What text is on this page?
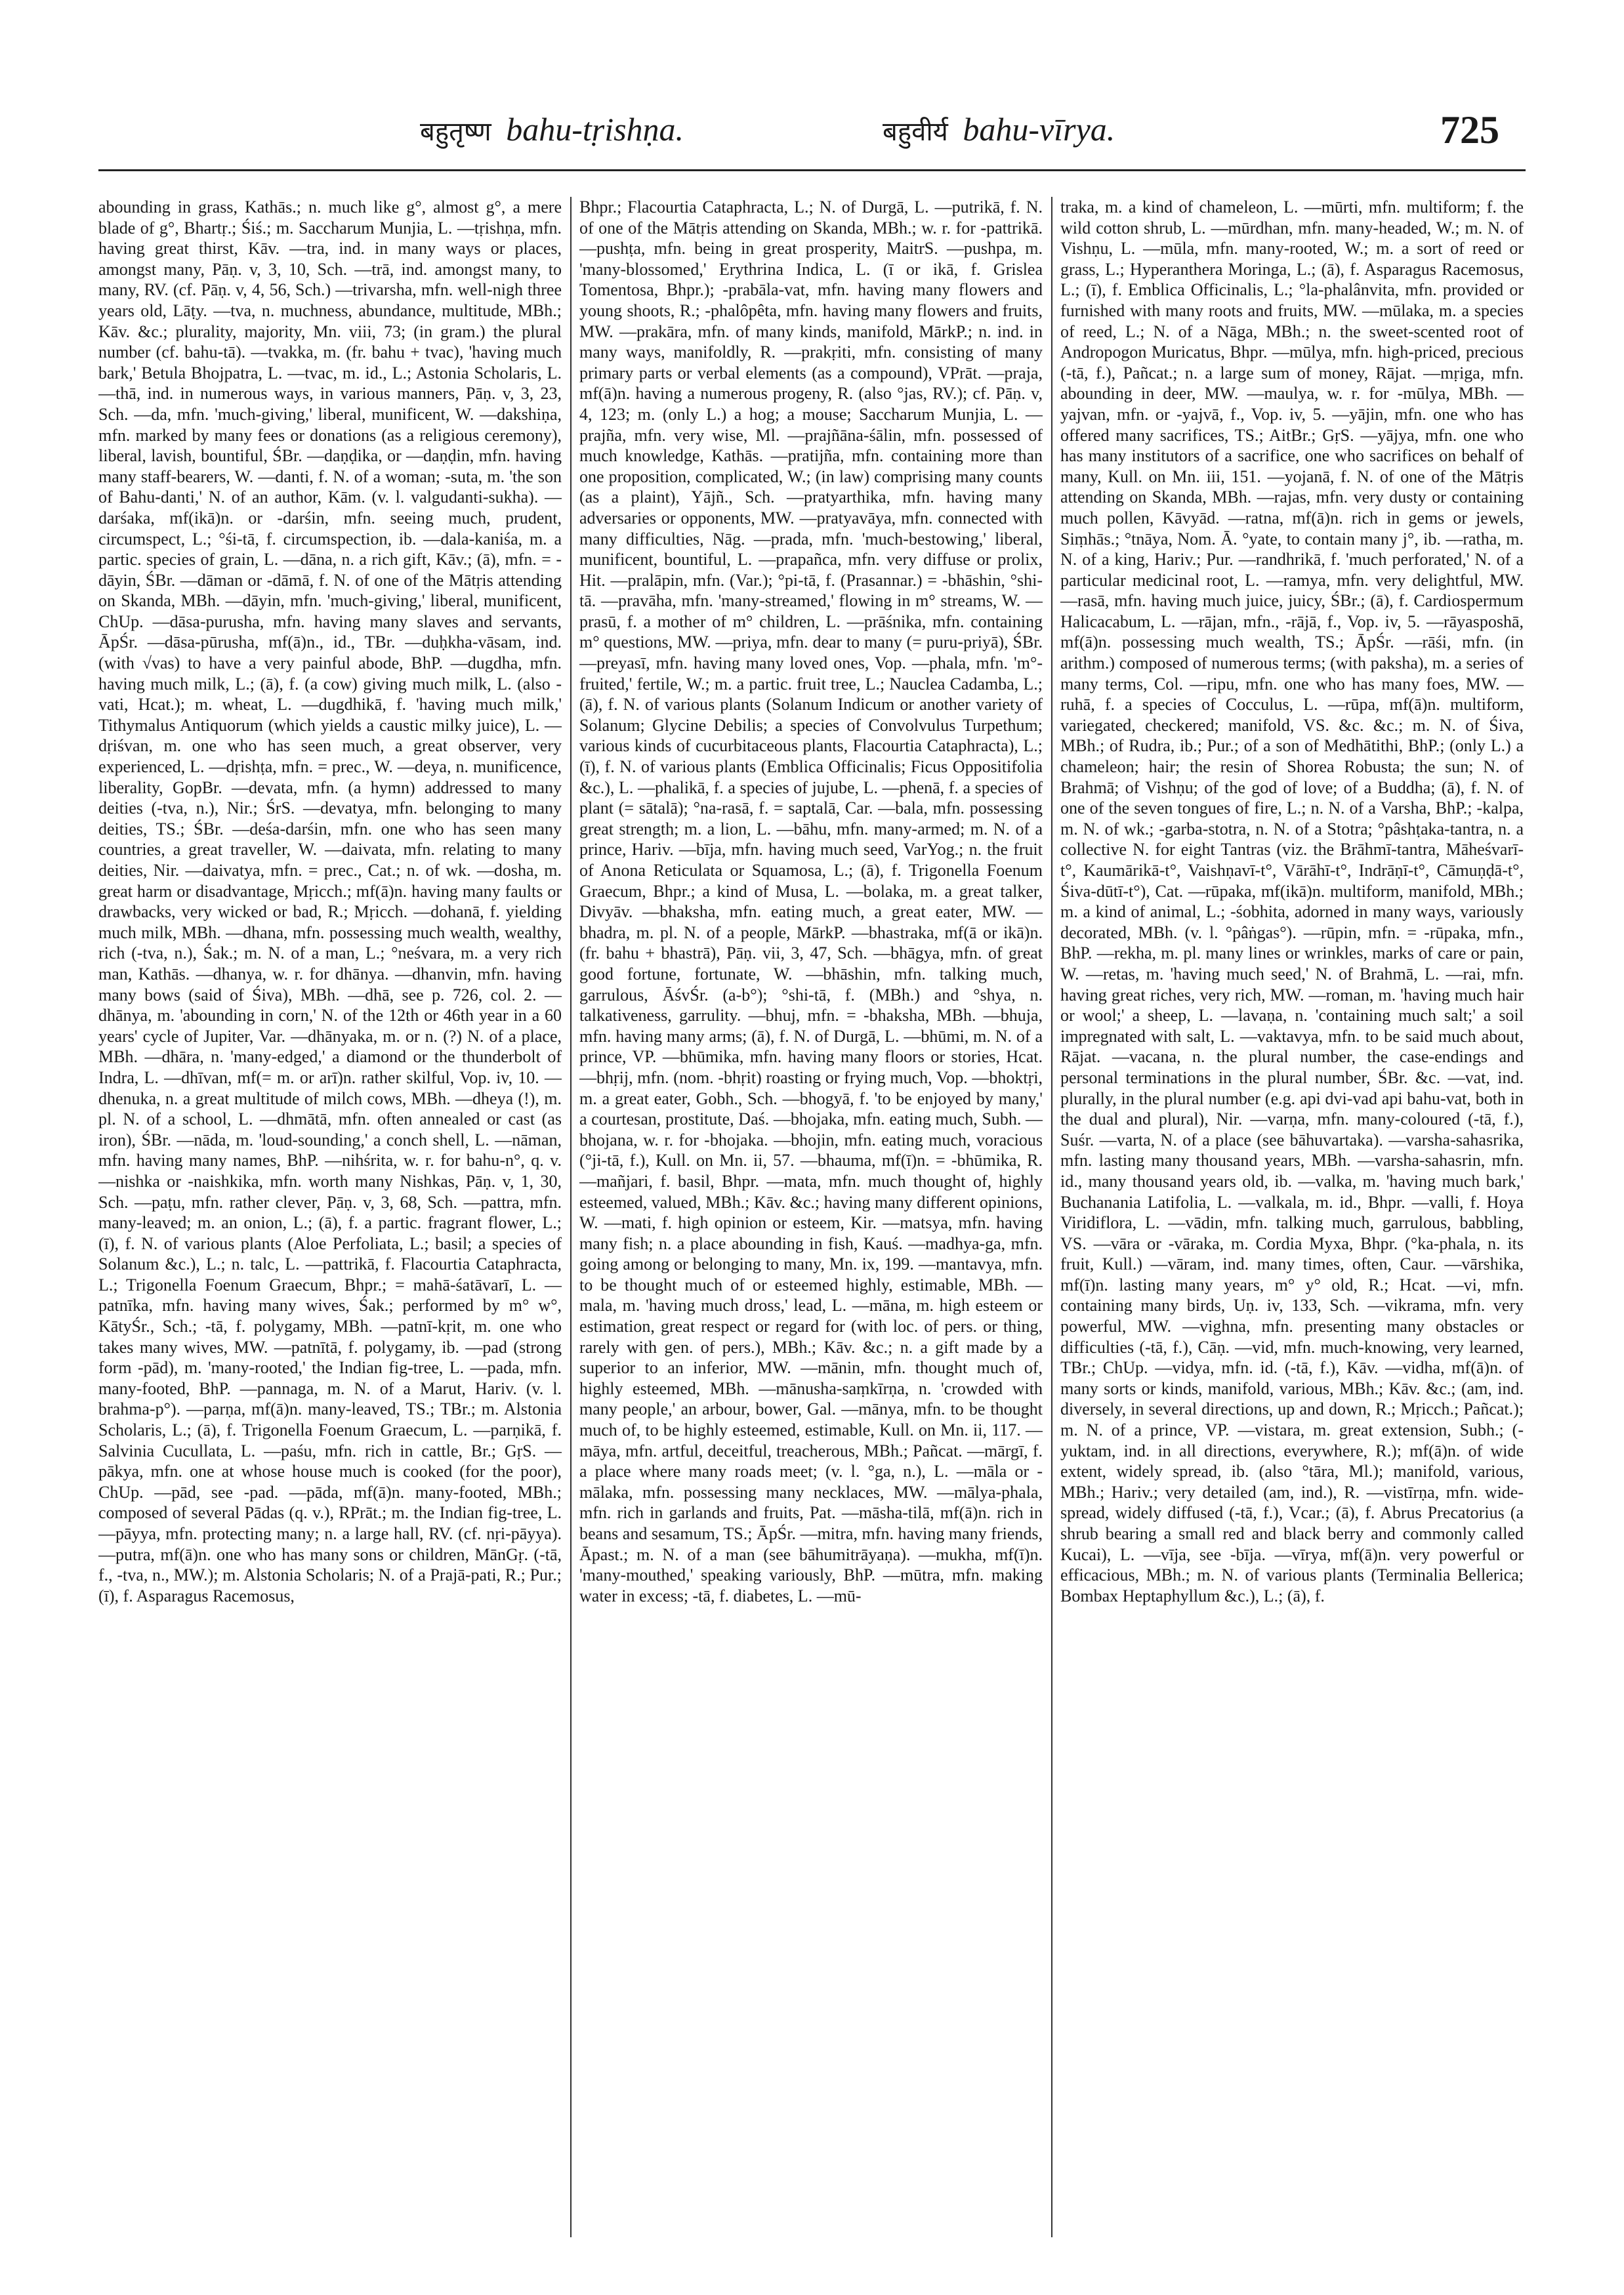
बहुतृष्ण bahu-tṛishṇa.	बहुवीर्य bahu-vīrya.	725
abounding in grass, Kathās.; n. much like g°, almost g°, a mere blade of g°, Bhartṛ.; Śiś.; m. Saccharum Munjia, L. —tṛishṇa, mfn. having great thirst, Kāv. —tra, ind. in many ways or places, amongst many, Pāṇ. v, 3, 10, Sch. —trā, ind. amongst many, to many, RV. (cf. Pāṇ. v, 4, 56, Sch.) —trivarsha, mfn. well-nigh three years old, Lāṭy. —tva, n. muchness, abundance, multitude, MBh.; Kāv. &c.; plurality, majority, Mn. viii, 73; (in gram.) the plural number (cf. bahu-tā). —tvakka, m. (fr. bahu + tvac), 'having much bark,' Betula Bhojpatra, L. —tvac, m. id., L.; Astonia Scholaris, L. —thā, ind. in numerous ways, in various manners, Pāṇ. v, 3, 23, Sch. —da, mfn. 'much-giving,' liberal, munificent, W. —dakshiṇa, mfn. marked by many fees or donations (as a religious ceremony), liberal, lavish, bountiful, ŚBr. —daṇḍika, or —daṇḍin, mfn. having many staff-bearers, W. —danti, f. N. of a woman; -suta, m. 'the son of Bahu-danti,' N. of an author, Kām. (v. l. valgudanti-sukha). —darśaka, mf(ikā)n. or -darśin, mfn. seeing much, prudent, circumspect, L.; °śi-tā, f. circumspection, ib. —dala-kaniśa, m. a partic. species of grain, L. —dāna, n. a rich gift, Kāv.; (ā), mfn. = -dāyin, ŚBr. —dāman or -dāmā, f. N. of one of the Mātṛis attending on Skanda, MBh. —dāyin, mfn. 'much-giving,' liberal, munificent, ChUp. —dāsa-purusha, mfn. having many slaves and servants, ĀpŚr. —dāsa-pūrusha, mf(ā)n., id., TBr. —duḥkha-vāsam, ind. (with √vas) to have a very painful abode, BhP. —dugdha, mfn. having much milk, L.; (ā), f. (a cow) giving much milk, L. (also -vati, Hcat.); m. wheat, L. —dugdhikā, f. 'having much milk,' Tithymalus Antiquorum (which yields a caustic milky juice), L. —dṛiśvan, m. one who has seen much, a great observer, very experienced, L. —dṛishṭa, mfn. = prec., W. —deya, n. munificence, liberality, GopBr. —devata, mfn. (a hymn) addressed to many deities (-tva, n.), Nir.; ŚrS. —devatya, mfn. belonging to many deities, TS.; ŚBr. —deśa-darśin, mfn. one who has seen many countries, a great traveller, W. —daivata, mfn. relating to many deities, Nir. —daivatya, mfn. = prec., Cat.; n. of wk. —dosha, m. great harm or disadvantage, Mṛicch.; mf(ā)n. having many faults or drawbacks, very wicked or bad, R.; Mṛicch. —dohanā, f. yielding much milk, MBh. —dhana, mfn. possessing much wealth, wealthy, rich (-tva, n.), Śak.; m. N. of a man, L.; °neśvara, m. a very rich man, Kathās. —dhanya, w. r. for dhānya. —dhanvin, mfn. having many bows (said of Śiva), MBh. —dhā, see p. 726, col. 2. —dhānya, m. 'abounding in corn,' N. of the 12th or 46th year in a 60 years' cycle of Jupiter, Var. —dhānyaka, m. or n. (?) N. of a place, MBh. —dhāra, n. 'many-edged,' a diamond or the thunderbolt of Indra, L. —dhīvan, mf(= m. or arī)n. rather skilful, Vop. iv, 10. —dhenuka, n. a great multitude of milch cows, MBh. —dheya (!), m. pl. N. of a school, L. —dhmātā, mfn. often annealed or cast (as iron), ŚBr. —nāda, m. 'loud-sounding,' a conch shell, L. —nāman, mfn. having many names, BhP. —nihśrita, w. r. for bahu-n°, q. v. —nishka or -naishkika, mfn. worth many Nishkas, Pāṇ. v, 1, 30, Sch. —paṭu, mfn. rather clever, Pāṇ. v, 3, 68, Sch. —pattra, mfn. many-leaved; m. an onion, L.; (ā), f. a partic. fragrant flower, L.; (ī), f. N. of various plants (Aloe Perfoliata, L.; basil; a species of Solanum &c.), L.; n. talc, L. —pattrikā, f. Flacourtia Cataphracta, L.; Trigonella Foenum Graecum, Bhpr.; = mahā-śatāvarī, L. —patnīka, mfn. having many wives, Śak.; performed by m° w°, KātyŚr., Sch.; -tā, f. polygamy, MBh. —patnī-kṛit, m. one who takes many wives, MW. —patnītā, f. polygamy, ib. —pad (strong form -pād), m. 'many-rooted,' the Indian fig-tree, L. —pada, mfn. many-footed, BhP. —pannaga, m. N. of a Marut, Hariv. (v. l. brahma-p°). —parṇa, mf(ā)n. many-leaved, TS.; TBr.; m. Alstonia Scholaris, L.; (ā), f. Trigonella Foenum Graecum, L. —parṇikā, f. Salvinia Cucullata, L. —paśu, mfn. rich in cattle, Br.; GṛS. —pākya, mfn. one at whose house much is cooked (for the poor), ChUp. —pād, see -pad. —pāda, mf(ā)n. many-footed, MBh.; composed of several Pādas (q. v.), RPrāt.; m. the Indian fig-tree, L. —pāyya, mfn. protecting many; n. a large hall, RV. (cf. nṛi-pāyya). —putra, mf(ā)n. one who has many sons or children, MānGṛ. (-tā, f., -tva, n., MW.); m. Alstonia Scholaris; N. of a Prajā-pati, R.; Pur.; (ī), f. Asparagus Racemosus,
Bhpr.; Flacourtia Cataphracta, L.; N. of Durgā, L. —putrikā, f. N. of one of the Mātṛis attending on Skanda, MBh.; w. r. for -pattrikā. —pushṭa, mfn. being in great prosperity, MaitrS. —pushpa, m. 'many-blossomed,' Erythrina Indica, L. (ī or ikā, f. Grislea Tomentosa, Bhpr.); -prabāla-vat, mfn. having many flowers and young shoots, R.; -phalôpêta, mfn. having many flowers and fruits, MW. —prakāra, mfn. of many kinds, manifold, MārkP.; n. ind. in many ways, manifoldly, R. —prakṛiti, mfn. consisting of many primary parts or verbal elements (as a compound), VPrāt. —praja, mf(ā)n. having a numerous progeny, R. (also °jas, RV.); cf. Pāṇ. v, 4, 123; m. (only L.) a hog; a mouse; Saccharum Munjia, L. —prajña, mfn. very wise, Ml. —prajñāna-śālin, mfn. possessed of much knowledge, Kathās. —pratijña, mfn. containing more than one proposition, complicated, W.; (in law) comprising many counts (as a plaint), Yājñ., Sch. —pratyarthika, mfn. having many adversaries or opponents, MW. —pratyavāya, mfn. connected with many difficulties, Nāg. —prada, mfn. 'much-bestowing,' liberal, munificent, bountiful, L. —prapañca, mfn. very diffuse or prolix, Hit. —pralāpin, mfn. (Var.); °pi-tā, f. (Prasannar.) = -bhāshin, °shi-tā. —pravāha, mfn. 'many-streamed,' flowing in m° streams, W. —prasū, f. a mother of m° children, L. —prāśnika, mfn. containing m° questions, MW. —priya, mfn. dear to many (= puru-priyā), ŚBr. —preyasī, mfn. having many loved ones, Vop. —phala, mfn. 'm°-fruited,' fertile, W.; m. a partic. fruit tree, L.; Nauclea Cadamba, L.; (ā), f. N. of various plants (Solanum Indicum or another variety of Solanum; Glycine Debilis; a species of Convolvulus Turpethum; various kinds of cucurbitaceous plants, Flacourtia Cataphracta), L.; (ī), f. N. of various plants (Emblica Officinalis; Ficus Oppositifolia &c.), L. —phalikā, f. a species of jujube, L. —phenā, f. a species of plant (= sātalā); °na-rasā, f. = saptalā, Car. —bala, mfn. possessing great strength; m. a lion, L. —bāhu, mfn. many-armed; m. N. of a prince, Hariv. —bīja, mfn. having much seed, VarYog.; n. the fruit of Anona Reticulata or Squamosa, L.; (ā), f. Trigonella Foenum Graecum, Bhpr.; a kind of Musa, L. —bolaka, m. a great talker, Divyāv. —bhaksha, mfn. eating much, a great eater, MW. —bhadra, m. pl. N. of a people, MārkP. —bhastraka, mf(ā or ikā)n. (fr. bahu + bhastrā), Pāṇ. vii, 3, 47, Sch. —bhāgya, mfn. of great good fortune, fortunate, W. —bhāshin, mfn. talking much, garrulous, ĀśvŚr. (a-b°); °shi-tā, f. (MBh.) and °shya, n. talkativeness, garrulity. —bhuj, mfn. = -bhaksha, MBh. —bhuja, mfn. having many arms; (ā), f. N. of Durgā, L. —bhūmi, m. N. of a prince, VP. —bhūmika, mfn. having many floors or stories, Hcat. —bhṛij, mfn. (nom. -bhṛit) roasting or frying much, Vop. —bhoktṛi, m. a great eater, Gobh., Sch. —bhogyā, f. 'to be enjoyed by many,' a courtesan, prostitute, Daś. —bhojaka, mfn. eating much, Subh. —bhojana, w. r. for -bhojaka. —bhojin, mfn. eating much, voracious (°ji-tā, f.), Kull. on Mn. ii, 57. —bhauma, mf(ī)n. = -bhūmika, R. —mañjari, f. basil, Bhpr. —mata, mfn. much thought of, highly esteemed, valued, MBh.; Kāv. &c.; having many different opinions, W. —mati, f. high opinion or esteem, Kir. —matsya, mfn. having many fish; n. a place abounding in fish, Kauś. —madhya-ga, mfn. going among or belonging to many, Mn. ix, 199. —mantavya, mfn. to be thought much of or esteemed highly, estimable, MBh. —mala, m. 'having much dross,' lead, L. —māna, m. high esteem or estimation, great respect or regard for (with loc. of pers. or thing, rarely with gen. of pers.), MBh.; Kāv. &c.; n. a gift made by a superior to an inferior, MW. —mānin, mfn. thought much of, highly esteemed, MBh. —mānusha-saṃkīrṇa, n. 'crowded with many people,' an arbour, bower, Gal. —mānya, mfn. to be thought much of, to be highly esteemed, estimable, Kull. on Mn. ii, 117. —māya, mfn. artful, deceitful, treacherous, MBh.; Pañcat. —mārgī, f. a place where many roads meet; (v. l. °ga, n.), L. —māla or -mālaka, mfn. possessing many necklaces, MW. —mālya-phala, mfn. rich in garlands and fruits, Pat. —māsha-tilā, mf(ā)n. rich in beans and sesamum, TS.; ĀpŚr. —mitra, mfn. having many friends, Āpast.; m. N. of a man (see bāhumitrāyaṇa). —mukha, mf(ī)n. 'many-mouthed,' speaking variously, BhP. —mūtra, mfn. making water in excess; -tā, f. diabetes, L. —mū-
traka, m. a kind of chameleon, L. —mūrti, mfn. multiform; f. the wild cotton shrub, L. —mūrdhan, mfn. many-headed, W.; m. N. of Vishṇu, L. —mūla, mfn. many-rooted, W.; m. a sort of reed or grass, L.; Hyperanthera Moringa, L.; (ā), f. Asparagus Racemosus, L.; (ī), f. Emblica Officinalis, L.; °la-phalânvita, mfn. provided or furnished with many roots and fruits, MW. —mūlaka, m. a species of reed, L.; N. of a Nāga, MBh.; n. the sweet-scented root of Andropogon Muricatus, Bhpr. —mūlya, mfn. high-priced, precious (-tā, f.), Pañcat.; n. a large sum of money, Rājat. —mṛiga, mfn. abounding in deer, MW. —maulya, w. r. for -mūlya, MBh. —yajvan, mfn. or -yajvā, f., Vop. iv, 5. —yājin, mfn. one who has offered many sacrifices, TS.; AitBr.; GṛS. —yājya, mfn. one who has many institutors of a sacrifice, one who sacrifices on behalf of many, Kull. on Mn. iii, 151. —yojanā, f. N. of one of the Mātṛis attending on Skanda, MBh. —rajas, mfn. very dusty or containing much pollen, Kāvyād. —ratna, mf(ā)n. rich in gems or jewels, Siṃhās.; °tnāya, Nom. Ā. °yate, to contain many j°, ib. —ratha, m. N. of a king, Hariv.; Pur. —randhrikā, f. 'much perforated,' N. of a particular medicinal root, L. —ramya, mfn. very delightful, MW. —rasā, mfn. having much juice, juicy, ŚBr.; (ā), f. Cardiospermum Halicacabum, L. —rājan, mfn., -rājā, f., Vop. iv, 5. —rāyasposhā, mf(ā)n. possessing much wealth, TS.; ĀpŚr. —rāśi, mfn. (in arithm.) composed of numerous terms; (with paksha), m. a series of many terms, Col. —ripu, mfn. one who has many foes, MW. —ruhā, f. a species of Cocculus, L. —rūpa, mf(ā)n. multiform, variegated, checkered; manifold, VS. &c. &c.; m. N. of Śiva, MBh.; of Rudra, ib.; Pur.; of a son of Medhātithi, BhP.; (only L.) a chameleon; hair; the resin of Shorea Robusta; the sun; N. of Brahmā; of Vishṇu; of the god of love; of a Buddha; (ā), f. N. of one of the seven tongues of fire, L.; n. N. of a Varsha, BhP.; -kalpa, m. N. of wk.; -garba-stotra, n. N. of a Stotra; °pâshṭaka-tantra, n. a collective N. for eight Tantras (viz. the Brāhmī-tantra, Māheśvarī-t°, Kaumārikā-t°, Vaishṇavī-t°, Vārāhī-t°, Indrāṇī-t°, Cāmuṇḍā-t°, Śiva-dūtī-t°), Cat. —rūpaka, mf(ikā)n. multiform, manifold, MBh.; m. a kind of animal, L.; -śobhita, adorned in many ways, variously decorated, MBh. (v. l. °pâṅgas°). —rūpin, mfn. = -rūpaka, mfn., BhP. —rekha, m. pl. many lines or wrinkles, marks of care or pain, W. —retas, m. 'having much seed,' N. of Brahmā, L. —rai, mfn. having great riches, very rich, MW. —roman, m. 'having much hair or wool;' a sheep, L. —lavaṇa, n. 'containing much salt;' a soil impregnated with salt, L. —vaktavya, mfn. to be said much about, Rājat. —vacana, n. the plural number, the case-endings and personal terminations in the plural number, ŚBr. &c. —vat, ind. plurally, in the plural number (e.g. api dvi-vad api bahu-vat, both in the dual and plural), Nir. —varṇa, mfn. many-coloured (-tā, f.), Suśr. —varta, N. of a place (see bāhuvartaka). —varsha-sahasrika, mfn. lasting many thousand years, MBh. —varsha-sahasrin, mfn. id., many thousand years old, ib. —valka, m. 'having much bark,' Buchanania Latifolia, L. —valkala, m. id., Bhpr. —valli, f. Hoya Viridiflora, L. —vādin, mfn. talking much, garrulous, babbling, VS. —vāra or -vāraka, m. Cordia Myxa, Bhpr. (°ka-phala, n. its fruit, Kull.) —vāram, ind. many times, often, Caur. —vārshika, mf(ī)n. lasting many years, m° y° old, R.; Hcat. —vi, mfn. containing many birds, Uṇ. iv, 133, Sch. —vikrama, mfn. very powerful, MW. —vighna, mfn. presenting many obstacles or difficulties (-tā, f.), Cāṇ. —vid, mfn. much-knowing, very learned, TBr.; ChUp. —vidya, mfn. id. (-tā, f.), Kāv. —vidha, mf(ā)n. of many sorts or kinds, manifold, various, MBh.; Kāv. &c.; (am, ind. diversely, in several directions, up and down, R.; Mṛicch.; Pañcat.); m. N. of a prince, VP. —vistara, m. great extension, Subh.; (-yuktam, ind. in all directions, everywhere, R.); mf(ā)n. of wide extent, widely spread, ib. (also °tāra, Ml.); manifold, various, MBh.; Hariv.; very detailed (am, ind.), R. —vistīrṇa, mfn. wide-spread, widely diffused (-tā, f.), Vcar.; (ā), f. Abrus Precatorius (a shrub bearing a small red and black berry and commonly called Kucai), L. —vīja, see -bīja. —vīrya, mf(ā)n. very powerful or efficacious, MBh.; m. N. of various plants (Terminalia Bellerica; Bombax Heptaphyllum &c.), L.; (ā), f.
